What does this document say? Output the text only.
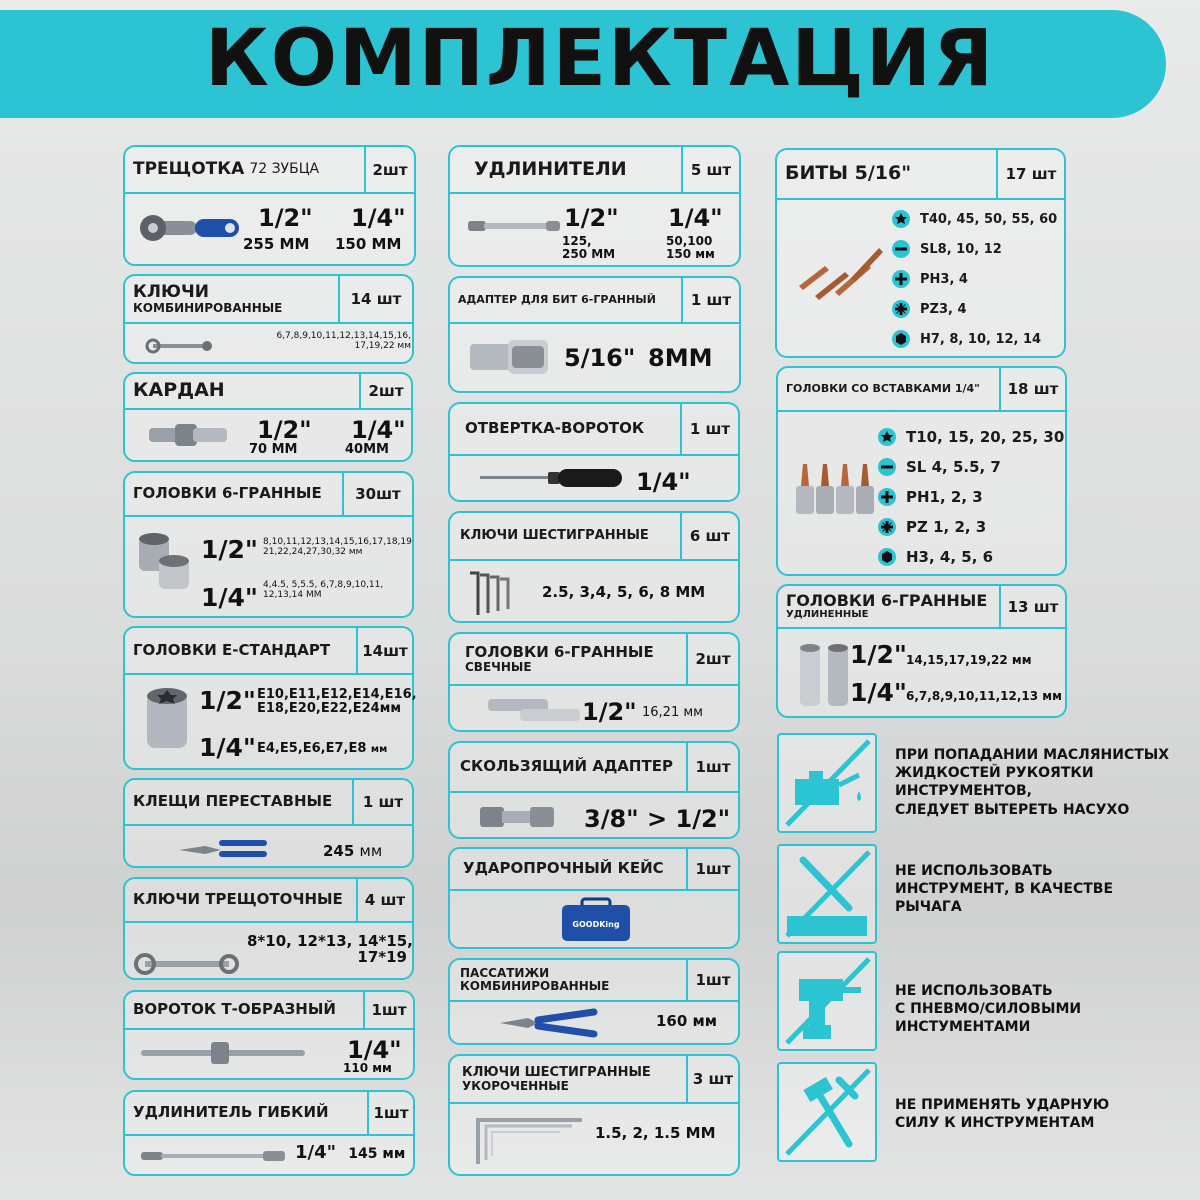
КОМПЛЕКТАЦИЯ
ТРЕЩОТКА 72 ЗУБЦА	2шт
1/2"
255 ММ
1/4"
150 ММ
КЛЮЧИ
КОМБИНИРОВАННЫЕ	14 шт
6,7,8,9,10,11,12,13,14,15,16,
17,19,22 мм
КАРДАН	2шт
1/2"
70 ММ
1/4"
40ММ
ГОЛОВКИ 6-ГРАННЫЕ	30шт
1/2" 8,10,11,12,13,14,15,16,17,18,19
21,22,24,27,30,32 мм
1/4" 4,4.5, 5,5.5, 6,7,8,9,10,11,
12,13,14 ММ
ГОЛОВКИ Е-СТАНДАРТ	14шт
1/2" E10,E11,E12,E14,E16,
E18,E20,E22,E24мм
1/4" E4,E5,E6,E7,E8 мм
КЛЕЩИ ПЕРЕСТАВНЫЕ	1 шт
245 мм
КЛЮЧИ ТРЕЩОТОЧНЫЕ	4 шт
8*10, 12*13, 14*15,
17*19
ВОРОТОК Т-ОБРАЗНЫЙ	1шт
1/4"
110 мм
УДЛИНИТЕЛЬ ГИБКИЙ	1шт
1/4" 145 мм
УДЛИНИТЕЛИ	5 шт
1/2"
125,
250 ММ
1/4"
50,100
150 мм
АДАПТЕР ДЛЯ БИТ 6-ГРАННЫЙ	1 шт
5/16" 8ММ
ОТВЕРТКА-ВОРОТОК	1 шт
1/4"
КЛЮЧИ ШЕСТИГРАННЫЕ	6 шт
2.5, 3,4, 5, 6, 8 ММ
ГОЛОВКИ 6-ГРАННЫЕ
СВЕЧНЫЕ	2шт
1/2" 16,21 мм
СКОЛЬЗЯЩИЙ АДАПТЕР	1шт
3/8" > 1/2"
УДАРОПРОЧНЫЙ КЕЙС	1шт
GOODKing
ПАССАТИЖИ
КОМБИНИРОВАННЫЕ	1шт
160 мм
КЛЮЧИ ШЕСТИГРАННЫЕ
УКОРОЧЕННЫЕ	3 шт
1.5, 2, 1.5 ММ
БИТЫ 5/16"	17 шт
T40, 45, 50, 55, 60
SL8, 10, 12
PH3, 4
PZ3, 4
H7, 8, 10, 12, 14
ГОЛОВКИ СО ВСТАВКАМИ 1/4"	18 шт
T10, 15, 20, 25, 30
SL 4, 5.5, 7
PH1, 2, 3
PZ 1, 2, 3
H3, 4, 5, 6
ГОЛОВКИ 6-ГРАННЫЕ
УДЛИНЕННЫЕ	13 шт
1/2" 14,15,17,19,22 мм
1/4" 6,7,8,9,10,11,12,13 мм
ПРИ ПОПАДАНИИ МАСЛЯНИСТЫХ
ЖИДКОСТЕЙ РУКОЯТКИ
ИНСТРУМЕНТОВ,
СЛЕДУЕТ ВЫТЕРЕТЬ НАСУХО
НЕ ИСПОЛЬЗОВАТЬ
ИНСТРУМЕНТ, В КАЧЕСТВЕ
РЫЧАГА
НЕ ИСПОЛЬЗОВАТЬ
С ПНЕВМО/СИЛОВЫМИ
ИНСТУМЕНТАМИ
НЕ ПРИМЕНЯТЬ УДАРНУЮ
СИЛУ К ИНСТРУМЕНТАМ
